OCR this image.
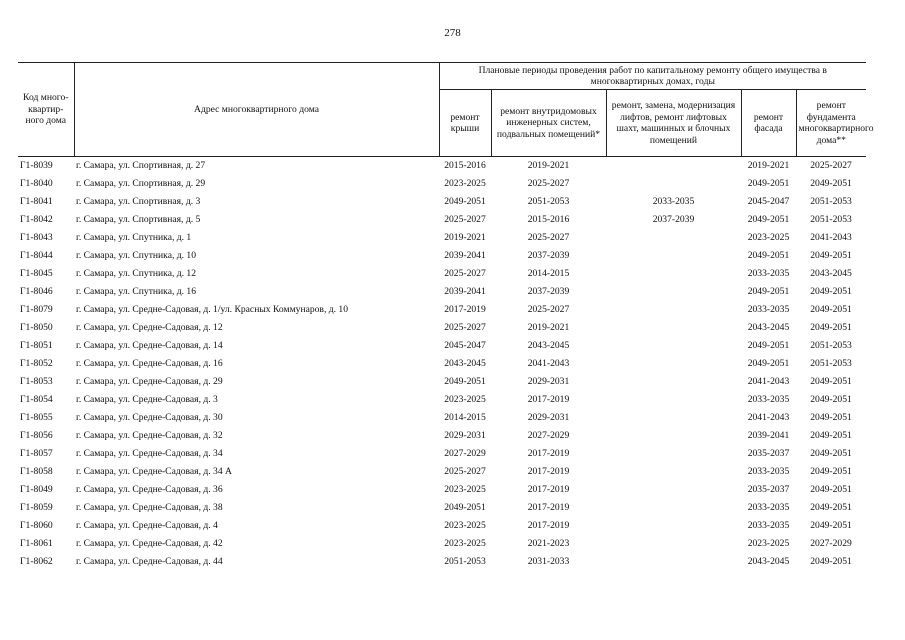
278
Код много-квартир-ного дома	Адрес многоквартирного дома	Плановые периоды проведения работ по капитальному ремонту общего имущества в многоквартирных домах, годы				
		ремонт крыши	ремонт внутридомовых инженерных систем, подвальных помещений*	ремонт, замена, модернизация лифтов, ремонт лифтовых шахт, машинных и блочных помещений	ремонт фасада	ремонт фундамента многоквартирного дома**
Г1-8039	г. Самара, ул. Спортивная, д. 27	2015-2016	2019-2021		2019-2021	2025-2027
Г1-8040	г. Самара, ул. Спортивная, д. 29	2023-2025	2025-2027		2049-2051	2049-2051
Г1-8041	г. Самара, ул. Спортивная, д. 3	2049-2051	2051-2053	2033-2035	2045-2047	2051-2053
Г1-8042	г. Самара, ул. Спортивная, д. 5	2025-2027	2015-2016	2037-2039	2049-2051	2051-2053
Г1-8043	г. Самара, ул. Спутника, д. 1	2019-2021	2025-2027		2023-2025	2041-2043
Г1-8044	г. Самара, ул. Спутника, д. 10	2039-2041	2037-2039		2049-2051	2049-2051
Г1-8045	г. Самара, ул. Спутника, д. 12	2025-2027	2014-2015		2033-2035	2043-2045
Г1-8046	г. Самара, ул. Спутника, д. 16	2039-2041	2037-2039		2049-2051	2049-2051
Г1-8079	г. Самара, ул. Средне-Садовая, д. 1/ул. Красных Коммунаров, д. 10	2017-2019	2025-2027		2033-2035	2049-2051
Г1-8050	г. Самара, ул. Средне-Садовая, д. 12	2025-2027	2019-2021		2043-2045	2049-2051
Г1-8051	г. Самара, ул. Средне-Садовая, д. 14	2045-2047	2043-2045		2049-2051	2051-2053
Г1-8052	г. Самара, ул. Средне-Садовая, д. 16	2043-2045	2041-2043		2049-2051	2051-2053
Г1-8053	г. Самара, ул. Средне-Садовая, д. 29	2049-2051	2029-2031		2041-2043	2049-2051
Г1-8054	г. Самара, ул. Средне-Садовая, д. 3	2023-2025	2017-2019		2033-2035	2049-2051
Г1-8055	г. Самара, ул. Средне-Садовая, д. 30	2014-2015	2029-2031		2041-2043	2049-2051
Г1-8056	г. Самара, ул. Средне-Садовая, д. 32	2029-2031	2027-2029		2039-2041	2049-2051
Г1-8057	г. Самара, ул. Средне-Садовая, д. 34	2027-2029	2017-2019		2035-2037	2049-2051
Г1-8058	г. Самара, ул. Средне-Садовая, д. 34 А	2025-2027	2017-2019		2033-2035	2049-2051
Г1-8049	г. Самара, ул. Средне-Садовая, д. 36	2023-2025	2017-2019		2035-2037	2049-2051
Г1-8059	г. Самара, ул. Средне-Садовая, д. 38	2049-2051	2017-2019		2033-2035	2049-2051
Г1-8060	г. Самара, ул. Средне-Садовая, д. 4	2023-2025	2017-2019		2033-2035	2049-2051
Г1-8061	г. Самара, ул. Средне-Садовая, д. 42	2023-2025	2021-2023		2023-2025	2027-2029
Г1-8062	г. Самара, ул. Средне-Садовая, д. 44	2051-2053	2031-2033		2043-2045	2049-2051
